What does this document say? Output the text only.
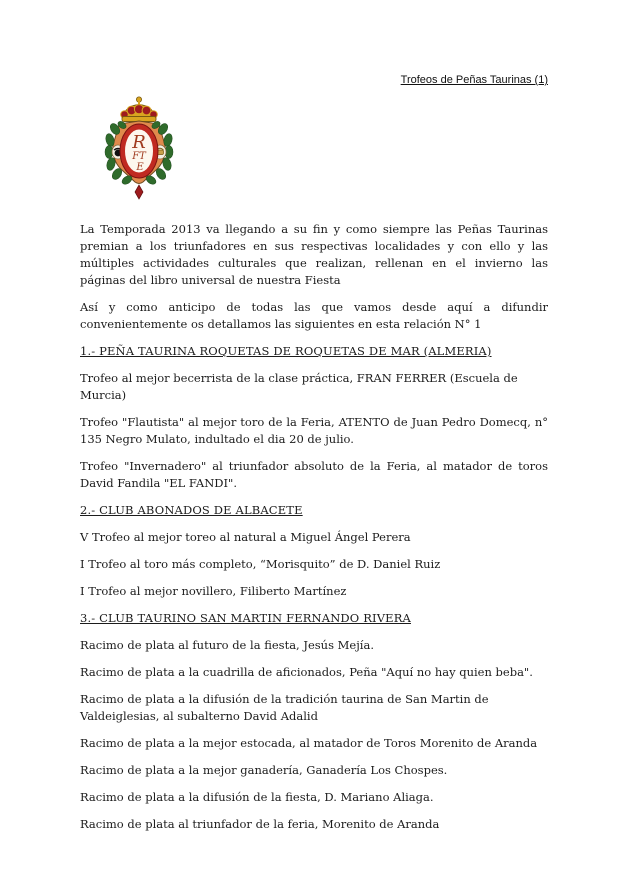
Trofeos de Peñas Taurinas (1)

R
FT
E

La Temporada 2013 va llegando a su fin y como siempre las Peñas Taurinas premian a los triunfadores en sus respectivas localidades y con ello y las múltiples actividades culturales que realizan, rellenan en el invierno las páginas del libro universal de nuestra Fiesta

Así y como anticipo de todas las que vamos desde aquí a difundir convenientemente os detallamos las siguientes en esta relación N° 1

1.- PEÑA TAURINA ROQUETAS DE ROQUETAS DE MAR (ALMERIA)

Trofeo al mejor becerrista de la clase práctica, FRAN FERRER (Escuela de Murcia)

Trofeo "Flautista" al mejor toro de la Feria, ATENTO de Juan Pedro Domecq, n° 135 Negro Mulato, indultado el dia 20 de julio.

Trofeo "Invernadero" al triunfador absoluto de la Feria, al matador de toros David Fandila "EL FANDI".

2.- CLUB ABONADOS DE ALBACETE

V Trofeo al mejor toreo al natural a Miguel Ángel Perera

I Trofeo al toro más completo, “Morisquito” de D. Daniel Ruiz

I Trofeo al mejor novillero, Filiberto Martínez

3.- CLUB TAURINO SAN MARTIN FERNANDO RIVERA

Racimo de plata al futuro de la fiesta, Jesús Mejía.

Racimo de plata a la cuadrilla de aficionados, Peña "Aquí no hay quien beba".

Racimo de plata a la difusión de la tradición taurina de San Martin de Valdeiglesias, al subalterno David Adalid

Racimo de plata a la mejor estocada, al matador de Toros Morenito de Aranda

Racimo de plata a la mejor ganadería, Ganadería Los Chospes.

Racimo de plata a la difusión de la fiesta, D. Mariano Aliaga.

Racimo de plata al triunfador de la feria, Morenito de Aranda
